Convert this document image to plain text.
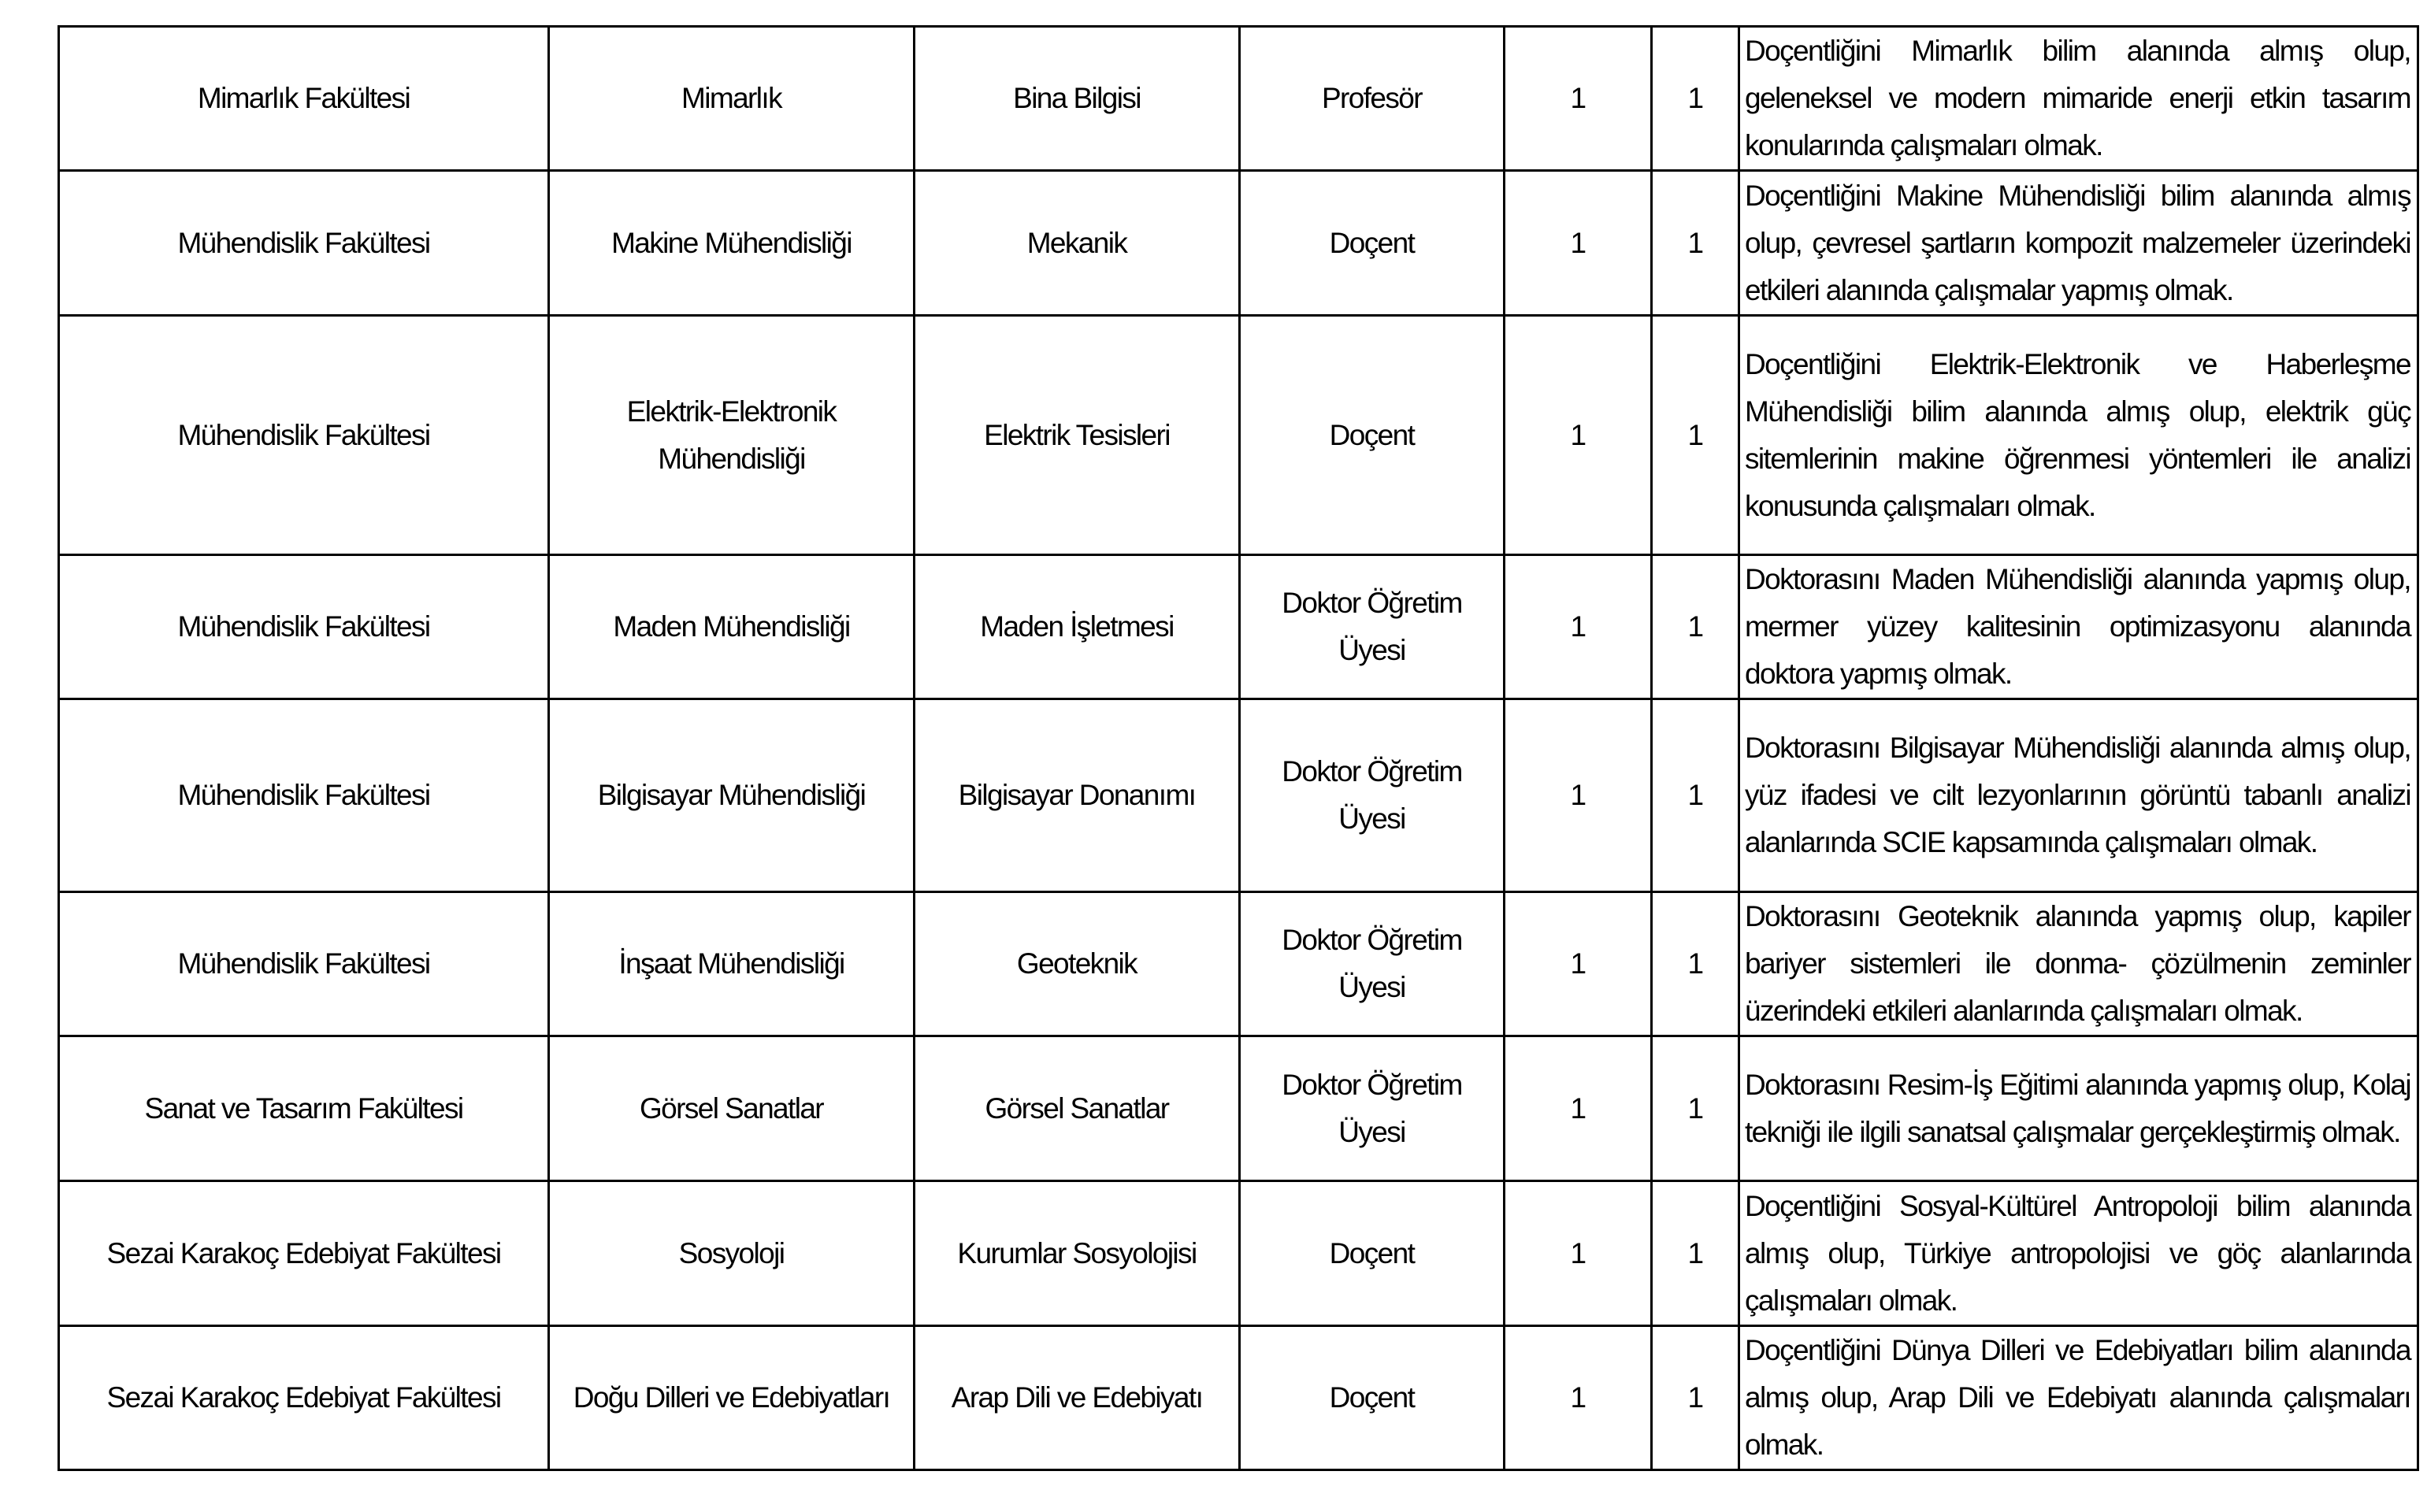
Mimarlık Fakültesi	Mimarlık	Bina Bilgisi	Profesör	1	1	Doçentliğini Mimarlık bilim alanında almış olup, geleneksel ve modern mimaride enerji etkin tasarım konularında çalışmaları olmak.
Mühendislik Fakültesi	Makine Mühendisliği	Mekanik	Doçent	1	1	Doçentliğini Makine Mühendisliği bilim alanında almış olup, çevresel şartların kompozit malzemeler üzerindeki etkileri alanında çalışmalar yapmış olmak.
Mühendislik Fakültesi	Elektrik-Elektronik Mühendisliği	Elektrik Tesisleri	Doçent	1	1	Doçentliğini Elektrik-Elektronik ve Haberleşme Mühendisliği bilim alanında almış olup, elektrik güç sitemlerinin makine öğrenmesi yöntemleri ile analizi konusunda çalışmaları olmak.
Mühendislik Fakültesi	Maden Mühendisliği	Maden İşletmesi	Doktor Öğretim Üyesi	1	1	Doktorasını Maden Mühendisliği alanında yapmış olup, mermer yüzey kalitesinin optimizasyonu alanında doktora yapmış olmak.
Mühendislik Fakültesi	Bilgisayar Mühendisliği	Bilgisayar Donanımı	Doktor Öğretim Üyesi	1	1	Doktorasını Bilgisayar Mühendisliği alanında almış olup, yüz ifadesi ve cilt lezyonlarının görüntü tabanlı analizi alanlarında SCIE kapsamında çalışmaları olmak.
Mühendislik Fakültesi	İnşaat Mühendisliği	Geoteknik	Doktor Öğretim Üyesi	1	1	Doktorasını Geoteknik alanında yapmış olup, kapiler bariyer sistemleri ile donma- çözülmenin zeminler üzerindeki etkileri alanlarında çalışmaları olmak.
Sanat ve Tasarım Fakültesi	Görsel Sanatlar	Görsel Sanatlar	Doktor Öğretim Üyesi	1	1	Doktorasını Resim-İş Eğitimi alanında yapmış olup, Kolaj tekniği ile ilgili sanatsal çalışmalar gerçekleştirmiş olmak.
Sezai Karakoç Edebiyat Fakültesi	Sosyoloji	Kurumlar Sosyolojisi	Doçent	1	1	Doçentliğini Sosyal-Kültürel Antropoloji bilim alanında almış olup, Türkiye antropolojisi ve göç alanlarında çalışmaları olmak.
Sezai Karakoç Edebiyat Fakültesi	Doğu Dilleri ve Edebiyatları	Arap Dili ve Edebiyatı	Doçent	1	1	Doçentliğini Dünya Dilleri ve Edebiyatları bilim alanında almış olup, Arap Dili ve Edebiyatı alanında çalışmaları olmak.
